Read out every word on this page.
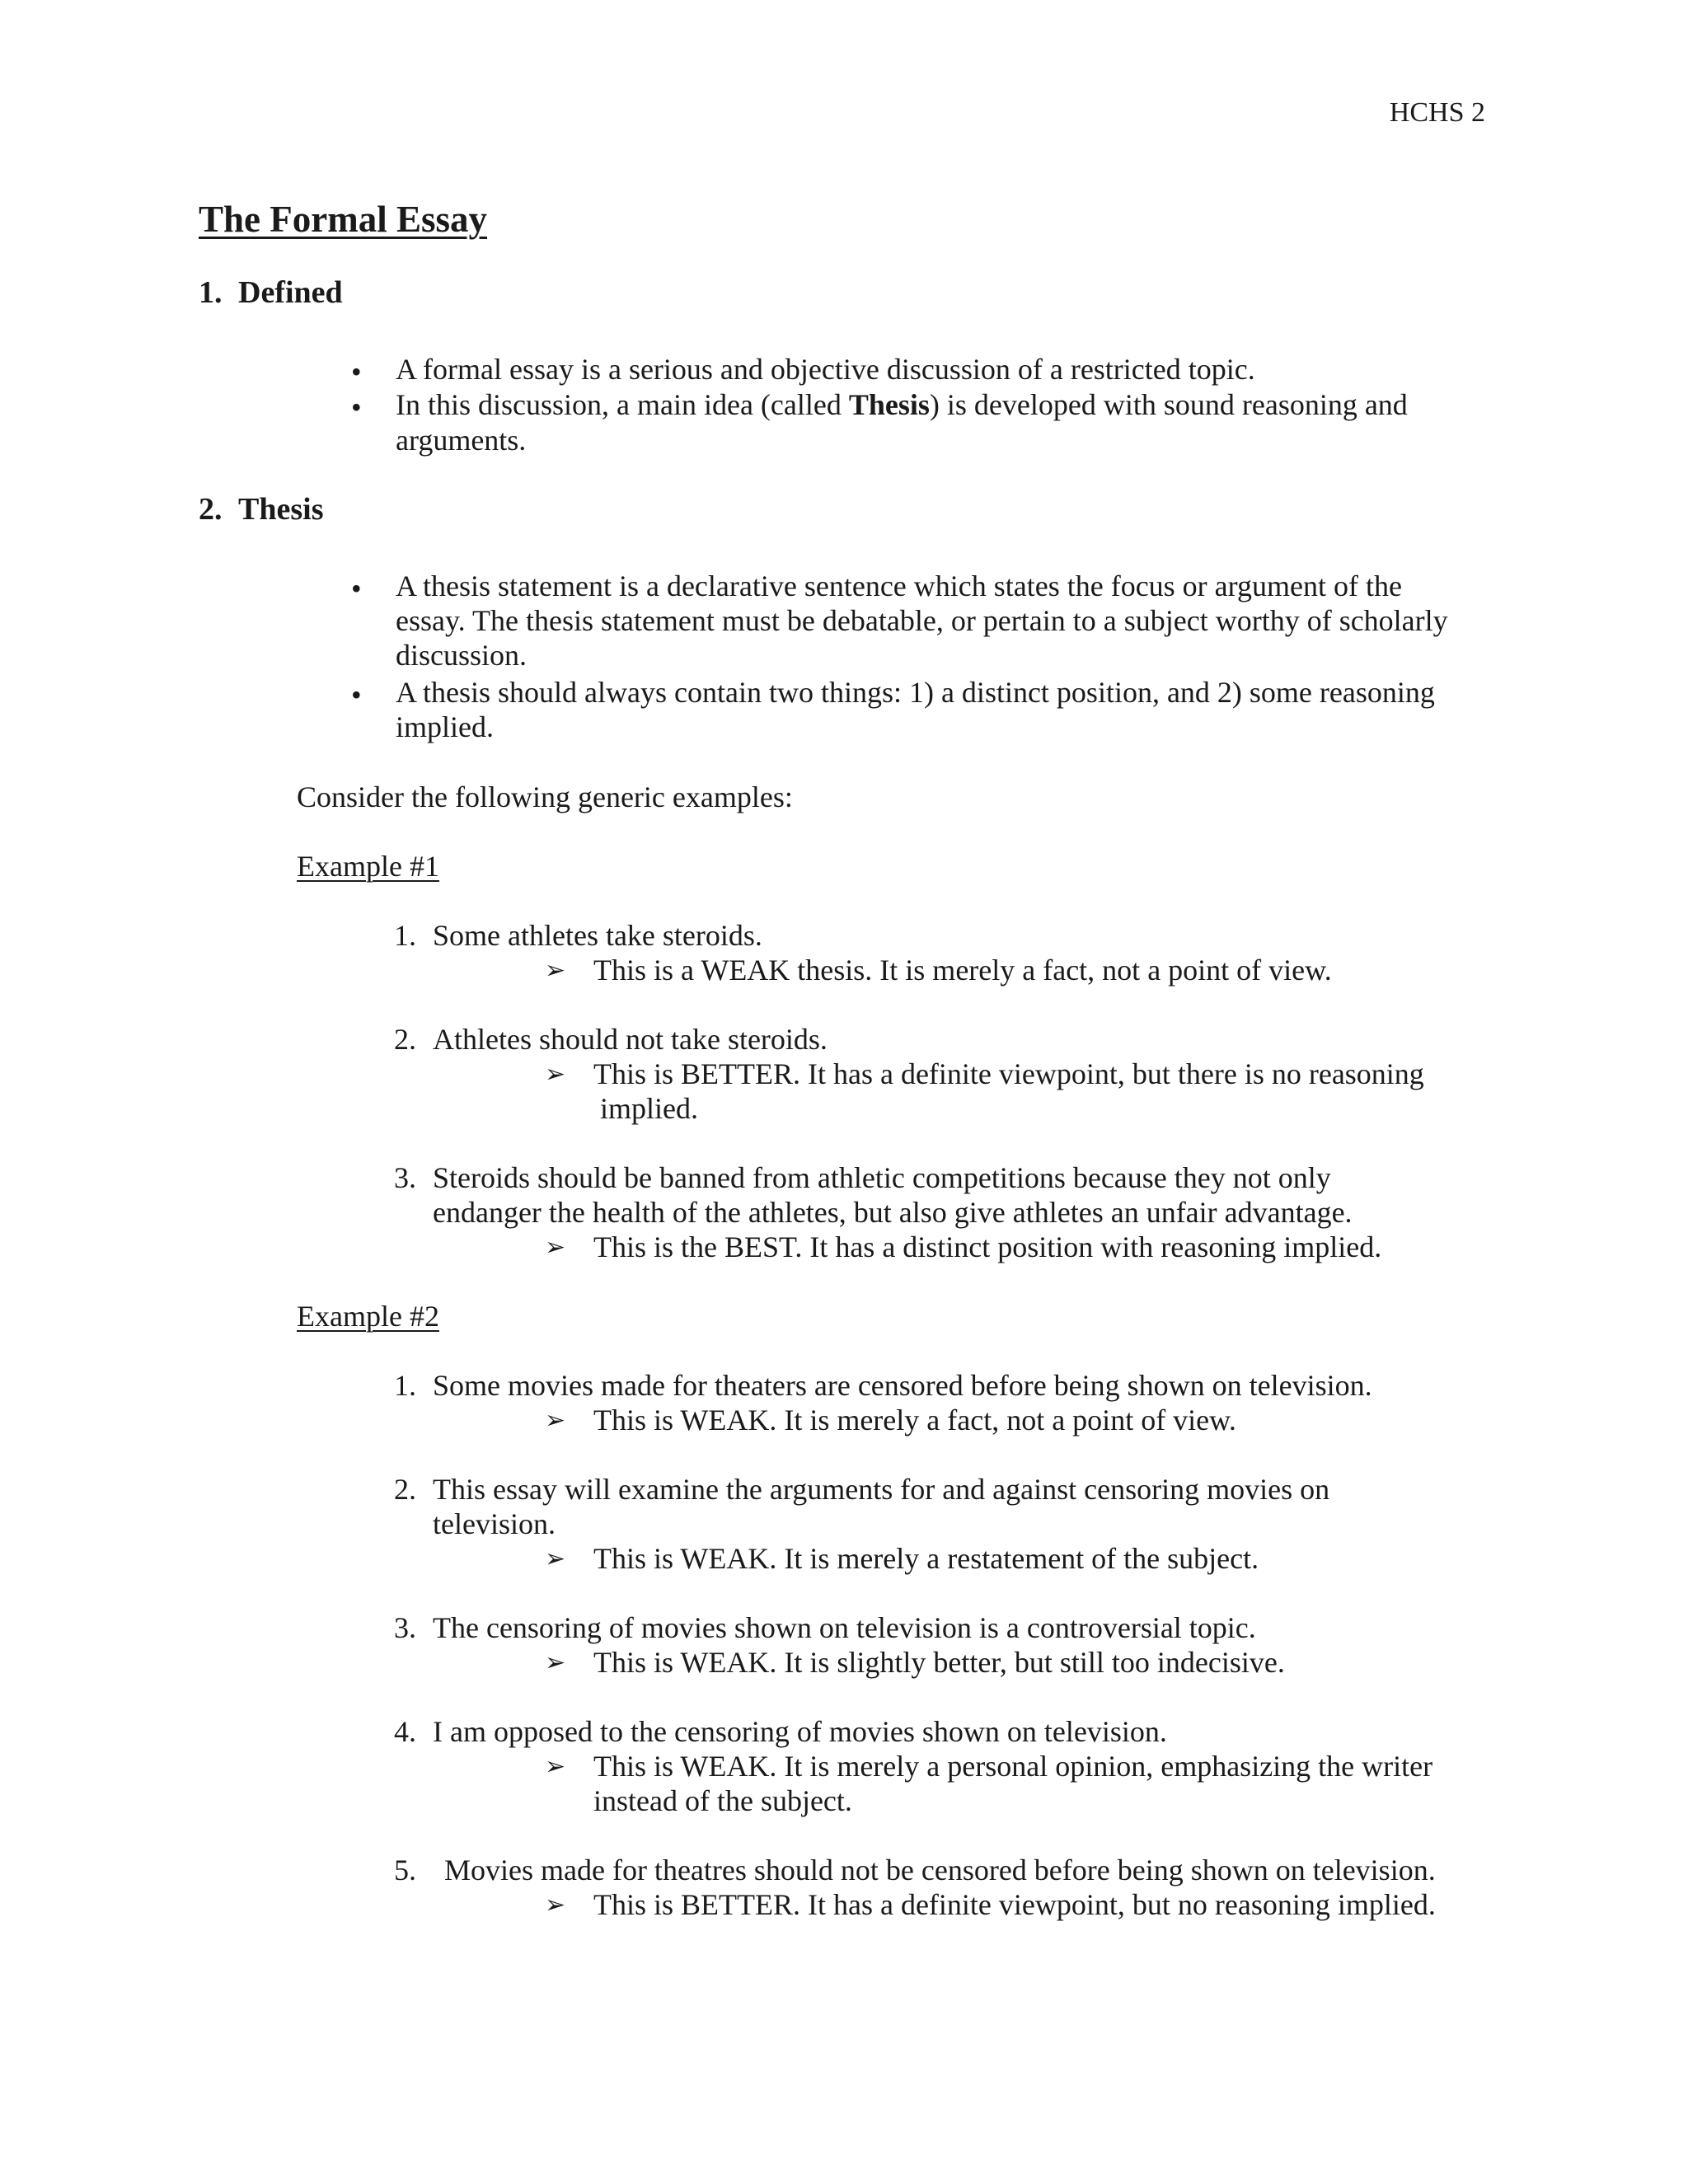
HCHS 2
The Formal Essay
1. Defined
• A formal essay is a serious and objective discussion of a restricted topic.
• In this discussion, a main idea (called Thesis) is developed with sound reasoning and
arguments.
2. Thesis
• A thesis statement is a declarative sentence which states the focus or argument of the
essay. The thesis statement must be debatable, or pertain to a subject worthy of scholarly
discussion.
• A thesis should always contain two things: 1) a distinct position, and 2) some reasoning
implied.
Consider the following generic examples:
Example #1
1. Some athletes take steroids.
➢ This is a WEAK thesis. It is merely a fact, not a point of view.
2. Athletes should not take steroids.
➢ This is BETTER. It has a definite viewpoint, but there is no reasoning
implied.
3. Steroids should be banned from athletic competitions because they not only
endanger the health of the athletes, but also give athletes an unfair advantage.
➢ This is the BEST. It has a distinct position with reasoning implied.
Example #2
1. Some movies made for theaters are censored before being shown on television.
➢ This is WEAK. It is merely a fact, not a point of view.
2. This essay will examine the arguments for and against censoring movies on
television.
➢ This is WEAK. It is merely a restatement of the subject.
3. The censoring of movies shown on television is a controversial topic.
➢ This is WEAK. It is slightly better, but still too indecisive.
4. I am opposed to the censoring of movies shown on television.
➢ This is WEAK. It is merely a personal opinion, emphasizing the writer
instead of the subject.
5. Movies made for theatres should not be censored before being shown on television.
➢ This is BETTER. It has a definite viewpoint, but no reasoning implied.
